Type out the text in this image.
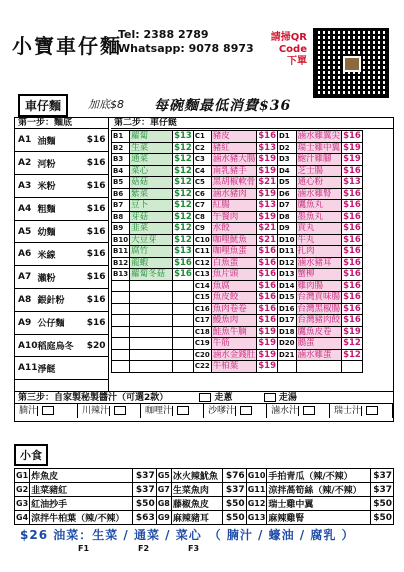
小寶車仔麵
Tel: 2388 2789
Whatsapp: 9078 8973
請掃QR Code
下單
車仔麵	加底$8 每碗麵最低消費$36
第一步：麵底
A1	油麵	$16
A2	河粉	$16
A3	米粉	$16
A4	粗麵	$16
A5	幼麵	$16
A6	米線	$16
A7	瀨粉	$16
A8	銀針粉	$16
A9	公仔麵	$16
A10	稻庭烏冬	$20
A11	淨餸	
第二步：車仔餸
B1	蘿蔔	$13	C1	豬皮	$16	D1	滷水雞翼尖	$16
B2	生菜	$12	C2	豬紅	$13	D2	瑞士雞中翼	$19
B3	通菜	$12	C3	滷水豬大腸	$19	D3	鮑汁雞腳	$19
B4	菜心	$12	C4	南乳豬手	$19	D4	芝士腸	$16
B5	菇菇	$12	C5	黑胡椒軟骨	$21	D5	通心粉	$13
B6	紫菜	$12	C6	滷水豬肉	$19	D6	滷水雞腎	$16
B7	豆卜	$12	C7	紅腸	$13	D7	鷹魚丸	$16
B8	芽菇	$12	C8	午餐肉	$19	D8	墨魚丸	$16
B9	韭菜	$12	C9	水餃	$21	D9	貢丸	$16
B10	大豆芽	$12	C10	咖哩魷魚	$21	D10	牛丸	$16
B11	腐竹	$13	C11	咖哩魚蛋	$16	D11	扎肉	$16
B12	龍蝦	$16	C12	白魚蛋	$16	D12	滷水豬耳	$16
B13	蘿蔔冬菇	$16	C13	魚片頭	$16	D13	蟹柳	$16
			C14	魚腐	$16	D14	雞肉腸	$16
			C15	魚皮餃	$16	D15	台灣貢味腸	$16
			C16	魚肉卷卷	$16	D16	台灣黑椒腸	$16
			C17	鰻魚肉	$16	D17	台灣豬肉餃	$16
			C18	鮭魚牛腩	$19	D18	鷹魚皮卷	$19
			C19	牛筋	$19	D20	鵝蛋	$12
			C20	滷水金錢肚	$19	D21	滷水雞蛋	$12
			C22	牛柏葉	$19			
第三步：自家製秘製醬汁（可選2款）	走蔥	走湯
腩汁	川辣汁	咖哩汁	沙嗲汁	滷水汁	瑞士汁
小食
G1	炸魚皮	$37	G5	冰火辣魷魚	$76	G10	手拍青瓜（辣/不辣）	$37
G2	韭菜豬紅	$37	G7	生菜魚肉	$37	G11	涼拌萵筍絲（辣/不辣）	$37
G3	紅油抄手	$50	G8	藤椒魚皮	$50	G12	瑞士雞中翼	$50
G4	涼拌牛柏葉（辣/不辣）	$63	G9	麻辣豬耳	$50	G13	麻辣雞腎	$50
$26 油菜：生菜 / 通菜 / 菜心　（ 腩汁 / 蠔油 / 腐乳 ）
F1	F2	F3
